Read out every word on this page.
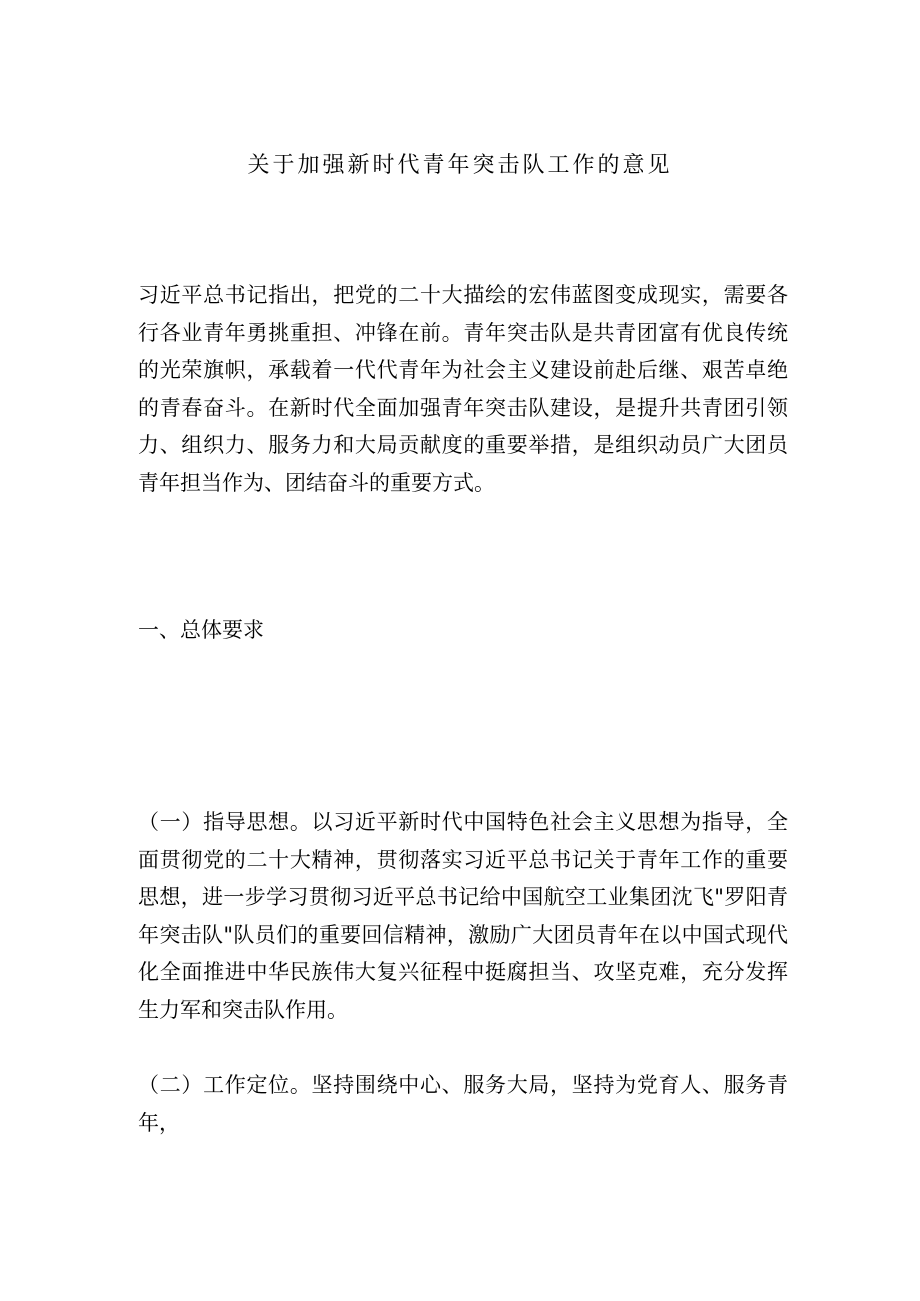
关于加强新时代青年突击队工作的意见

习近平总书记指出，把党的二十大描绘的宏伟蓝图变成现实，需要各行各业青年勇挑重担、冲锋在前。青年突击队是共青团富有优良传统的光荣旗帜，承载着一代代青年为社会主义建设前赴后继、艰苦卓绝的青春奋斗。在新时代全面加强青年突击队建设，是提升共青团引领力、组织力、服务力和大局贡献度的重要举措，是组织动员广大团员青年担当作为、团结奋斗的重要方式。

一、总体要求

（一）指导思想。以习近平新时代中国特色社会主义思想为指导，全面贯彻党的二十大精神，贯彻落实习近平总书记关于青年工作的重要思想，进一步学习贯彻习近平总书记给中国航空工业集团沈飞"罗阳青年突击队"队员们的重要回信精神，激励广大团员青年在以中国式现代化全面推进中华民族伟大复兴征程中挺腐担当、攻坚克难，充分发挥生力军和突击队作用。

（二）工作定位。坚持围绕中心、服务大局，坚持为党育人、服务青年，
